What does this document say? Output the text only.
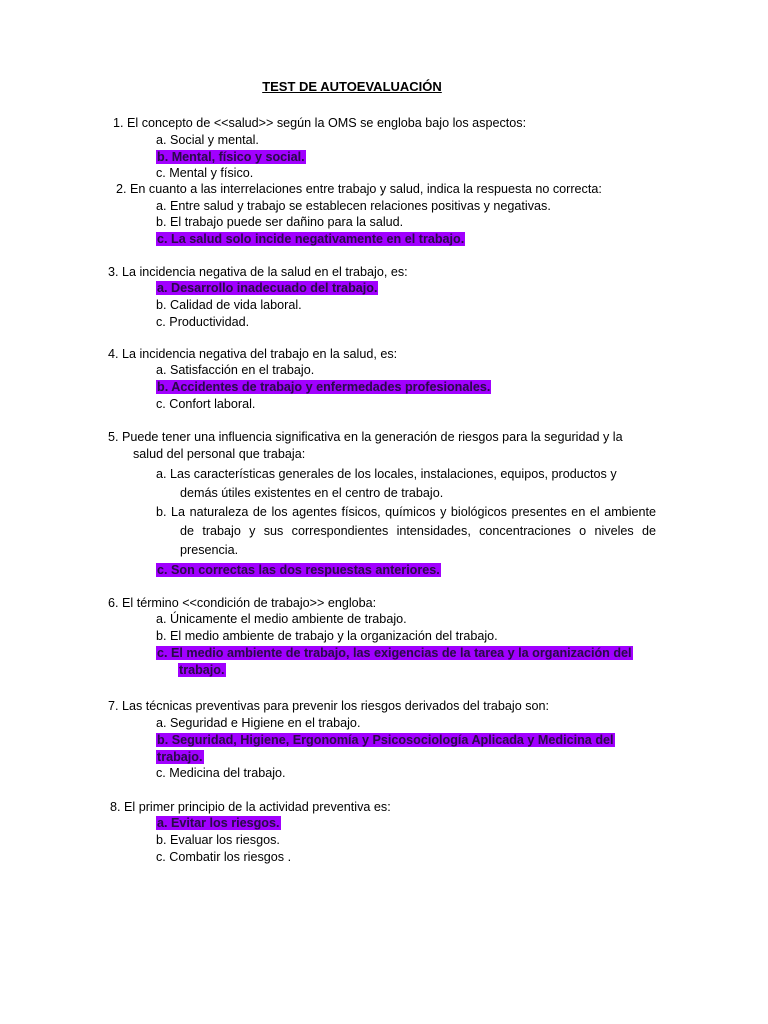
TEST DE AUTOEVALUACIÓN
1. El concepto de <<salud>> según la OMS se engloba bajo los aspectos:
a. Social y mental.
b. Mental, físico y social.
c. Mental y físico.
2. En cuanto a las interrelaciones entre trabajo y salud, indica la respuesta no correcta:
a. Entre salud y trabajo se establecen relaciones positivas y negativas.
b. El trabajo puede ser dañino para la salud.
c. La salud solo incide negativamente en el trabajo.
3. La incidencia negativa de la salud en el trabajo, es:
a. Desarrollo inadecuado del trabajo.
b. Calidad de vida laboral.
c. Productividad.
4. La incidencia negativa del trabajo en la salud, es:
a. Satisfacción en el trabajo.
b. Accidentes de trabajo y enfermedades profesionales.
c. Confort laboral.
5. Puede tener una influencia significativa en la generación de riesgos para la seguridad y la
salud del personal que trabaja:
a. Las características generales de los locales, instalaciones, equipos, productos y
demás útiles existentes en el centro de trabajo.
b. La naturaleza de los agentes físicos, químicos y biológicos presentes en el ambiente
de trabajo y sus correspondientes intensidades, concentraciones o niveles de
presencia.
c. Son correctas las dos respuestas anteriores.
6. El término <<condición de trabajo>> engloba:
a. Únicamente el medio ambiente de trabajo.
b. El medio ambiente de trabajo y la organización del trabajo.
c. El medio ambiente de trabajo, las exigencias de la tarea y la organización del
trabajo.
7. Las técnicas preventivas para prevenir los riesgos derivados del trabajo son:
a. Seguridad e Higiene en el trabajo.
b. Seguridad, Higiene, Ergonomía y Psicosociología Aplicada y Medicina del
trabajo.
c. Medicina del trabajo.
8. El primer principio de la actividad preventiva es:
a. Evitar los riesgos.
b. Evaluar los riesgos.
c. Combatir los riesgos .
